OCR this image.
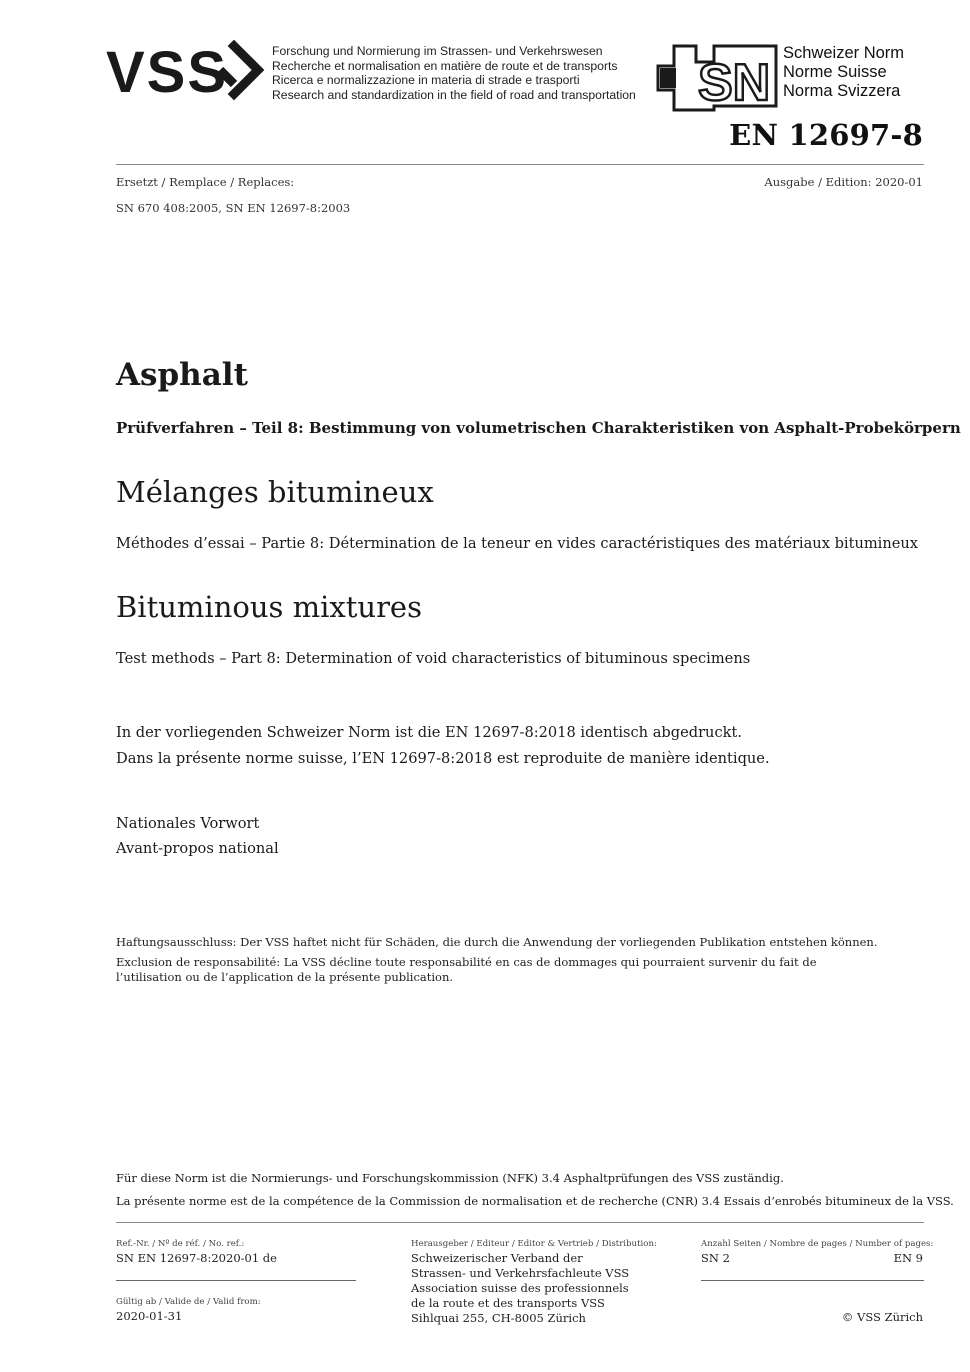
VSS	Forschung und Normierung im Strassen- und Verkehrswesen
Recherche et normalisation en matière de route et de transports
Ricerca e normalizzazione in materia di strade e trasporti
Research and standardization in the field of road and transportation SN
Schweizer Norm
Norme Suisse
Norma Svizzera
EN 12697-8
Ersetzt / Remplace / Replaces:	Ausgabe / Edition: 2020-01
SN 670 408:2005, SN EN 12697-8:2003
Asphalt
Prüfverfahren – Teil 8: Bestimmung von volumetrischen Charakteristiken von Asphalt-Probekörpern
Mélanges bitumineux
Méthodes d’essai – Partie 8: Détermination de la teneur en vides caractéristiques des matériaux bitumineux
Bituminous mixtures
Test methods – Part 8: Determination of void characteristics of bituminous specimens
In der vorliegenden Schweizer Norm ist die EN 12697-8:2018 identisch abgedruckt.
Dans la présente norme suisse, l’EN 12697-8:2018 est reproduite de manière identique.
Nationales Vorwort
Avant-propos national
Haftungsausschluss: Der VSS haftet nicht für Schäden, die durch die Anwendung der vorliegenden Publikation entstehen können.
Exclusion de responsabilité: La VSS décline toute responsabilité en cas de dommages qui pourraient survenir du fait de l’utilisation ou de l’application de la présente publication.
Für diese Norm ist die Normierungs- und Forschungskommission (NFK) 3.4 Asphaltprüfungen des VSS zuständig.
La présente norme est de la compétence de la Commission de normalisation et de recherche (CNR) 3.4 Essais d’enrobés bitumineux de la VSS.
Ref.-Nr. / Nº de réf. / No. ref.:
SN EN 12697-8:2020-01 de
Gültig ab / Valide de / Valid from:
2020-01-31
Herausgeber / Editeur / Editor & Vertrieb / Distribution:
Schweizerischer Verband der
Strassen- und Verkehrsfachleute VSS
Association suisse des professionnels
de la route et des transports VSS
Sihlquai 255, CH-8005 Zürich
Anzahl Seiten / Nombre de pages / Number of pages:
SN 2	EN 9
© VSS Zürich
